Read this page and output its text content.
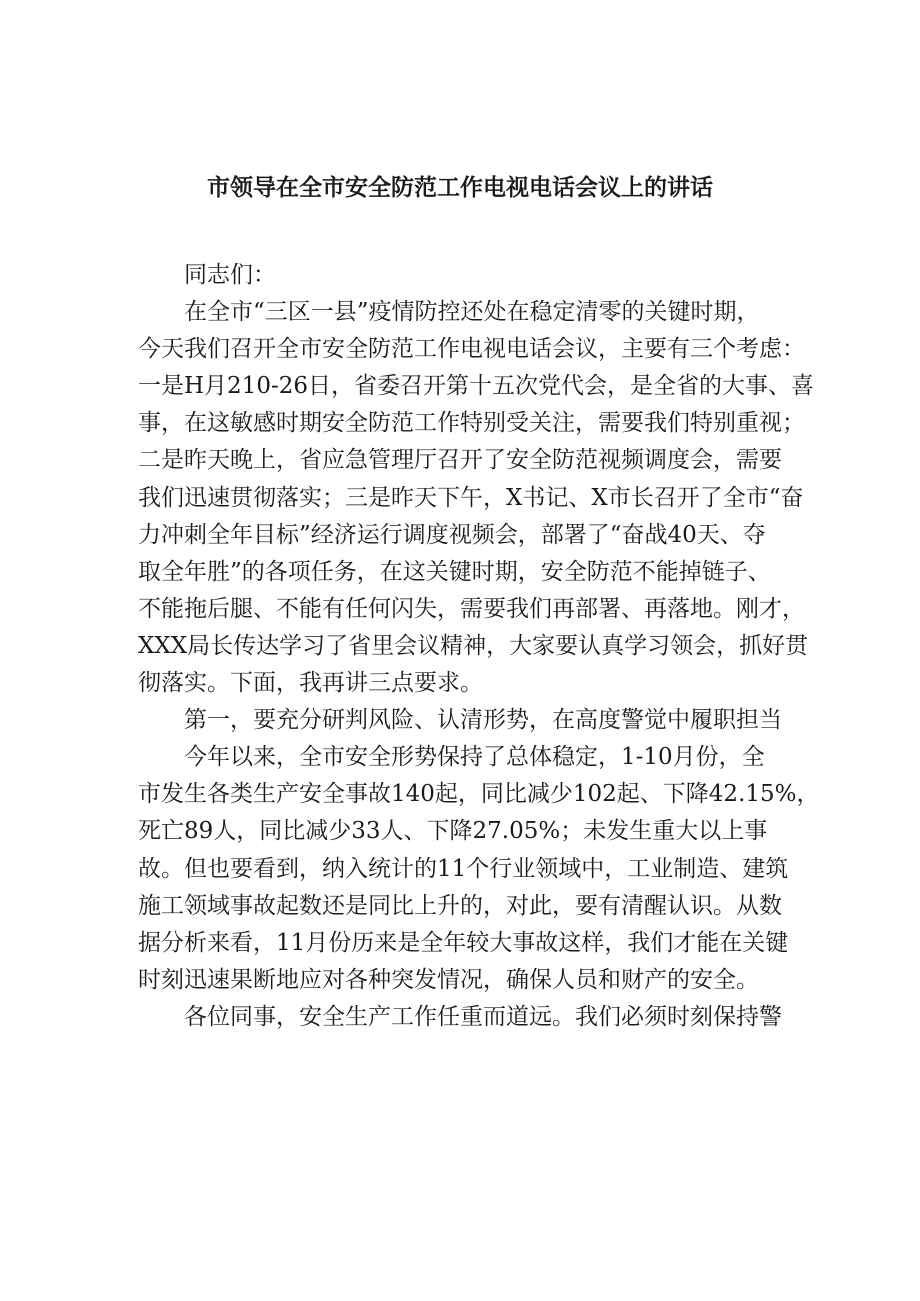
市领导在全市安全防范工作电视电话会议上的讲话

同志们：

在全市“三区一县”疫情防控还处在稳定清零的关键时期，

今天我们召开全市安全防范工作电视电话会议，主要有三个考虑：

一是H月210-26日，省委召开第十五次党代会，是全省的大事、喜

事，在这敏感时期安全防范工作特别受关注，需要我们特别重视；

二是昨天晚上，省应急管理厅召开了安全防范视频调度会，需要

我们迅速贯彻落实；三是昨天下午，X书记、X市长召开了全市“奋

力冲刺全年目标”经济运行调度视频会，部署了“奋战40天、夺

取全年胜”的各项任务，在这关键时期，安全防范不能掉链子、

不能拖后腿、不能有任何闪失，需要我们再部署、再落地。刚才，

XXX局长传达学习了省里会议精神，大家要认真学习领会，抓好贯

彻落实。下面，我再讲三点要求。

第一，要充分研判风险、认清形势，在高度警觉中履职担当

今年以来，全市安全形势保持了总体稳定，1-10月份，全

市发生各类生产安全事故140起，同比减少102起、下降42.15%，

死亡89人，同比减少33人、下降27.05%；未发生重大以上事

故。但也要看到，纳入统计的11个行业领域中，工业制造、建筑

施工领域事故起数还是同比上升的，对此，要有清醒认识。从数

据分析来看，11月份历来是全年较大事故这样，我们才能在关键

时刻迅速果断地应对各种突发情况，确保人员和财产的安全。

各位同事，安全生产工作任重而道远。我们必须时刻保持警
